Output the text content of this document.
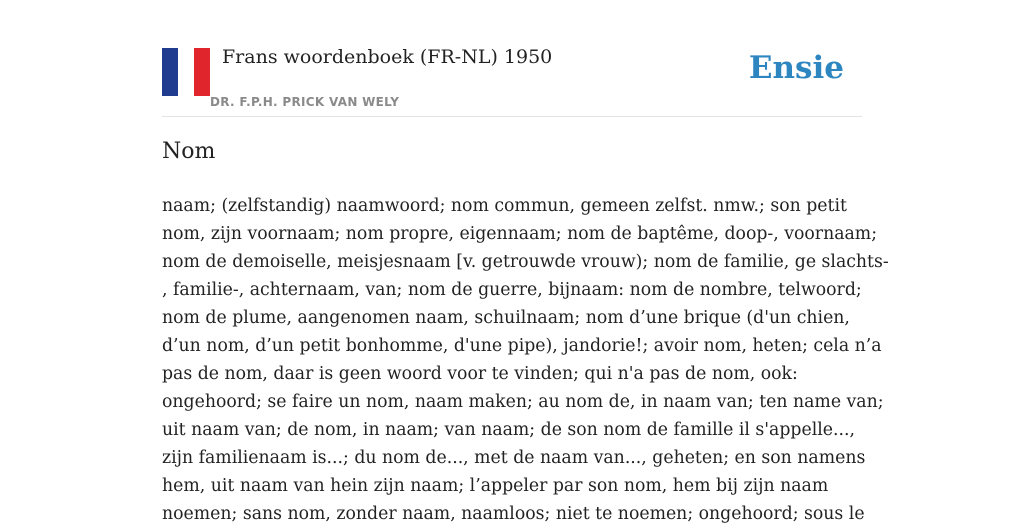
Frans woordenboek (FR-NL) 1950
DR. F.P.H. PRICK VAN WELY
Ensie
Nom

naam; (zelfstandig) naamwoord; nom commun, gemeen zelfst. nmw.; son petit
nom, zijn voornaam; nom propre, eigennaam; nom de baptême, doop-, voornaam;
nom de demoiselle, meisjesnaam [v. getrouwde vrouw); nom de familie, ge slachts-
, familie-, achternaam, van; nom de guerre, bijnaam: nom de nombre, telwoord;
nom de plume, aangenomen naam, schuilnaam; nom d’une brique (d'un chien,
d’un nom, d’un petit bonhomme, d'une pipe), jandorie!; avoir nom, heten; cela n’a
pas de nom, daar is geen woord voor te vinden; qui n'a pas de nom, ook:
ongehoord; se faire un nom, naam maken; au nom de, in naam van; ten name van;
uit naam van; de nom, in naam; van naam; de son nom de famille il s'appelle...,
zijn familienaam is...; du nom de..., met de naam van..., geheten; en son namens
hem, uit naam van hein zijn naam; l’appeler par son nom, hem bij zijn naam
noemen; sans nom, zonder naam, naamloos; niet te noemen; ongehoord; sous le
